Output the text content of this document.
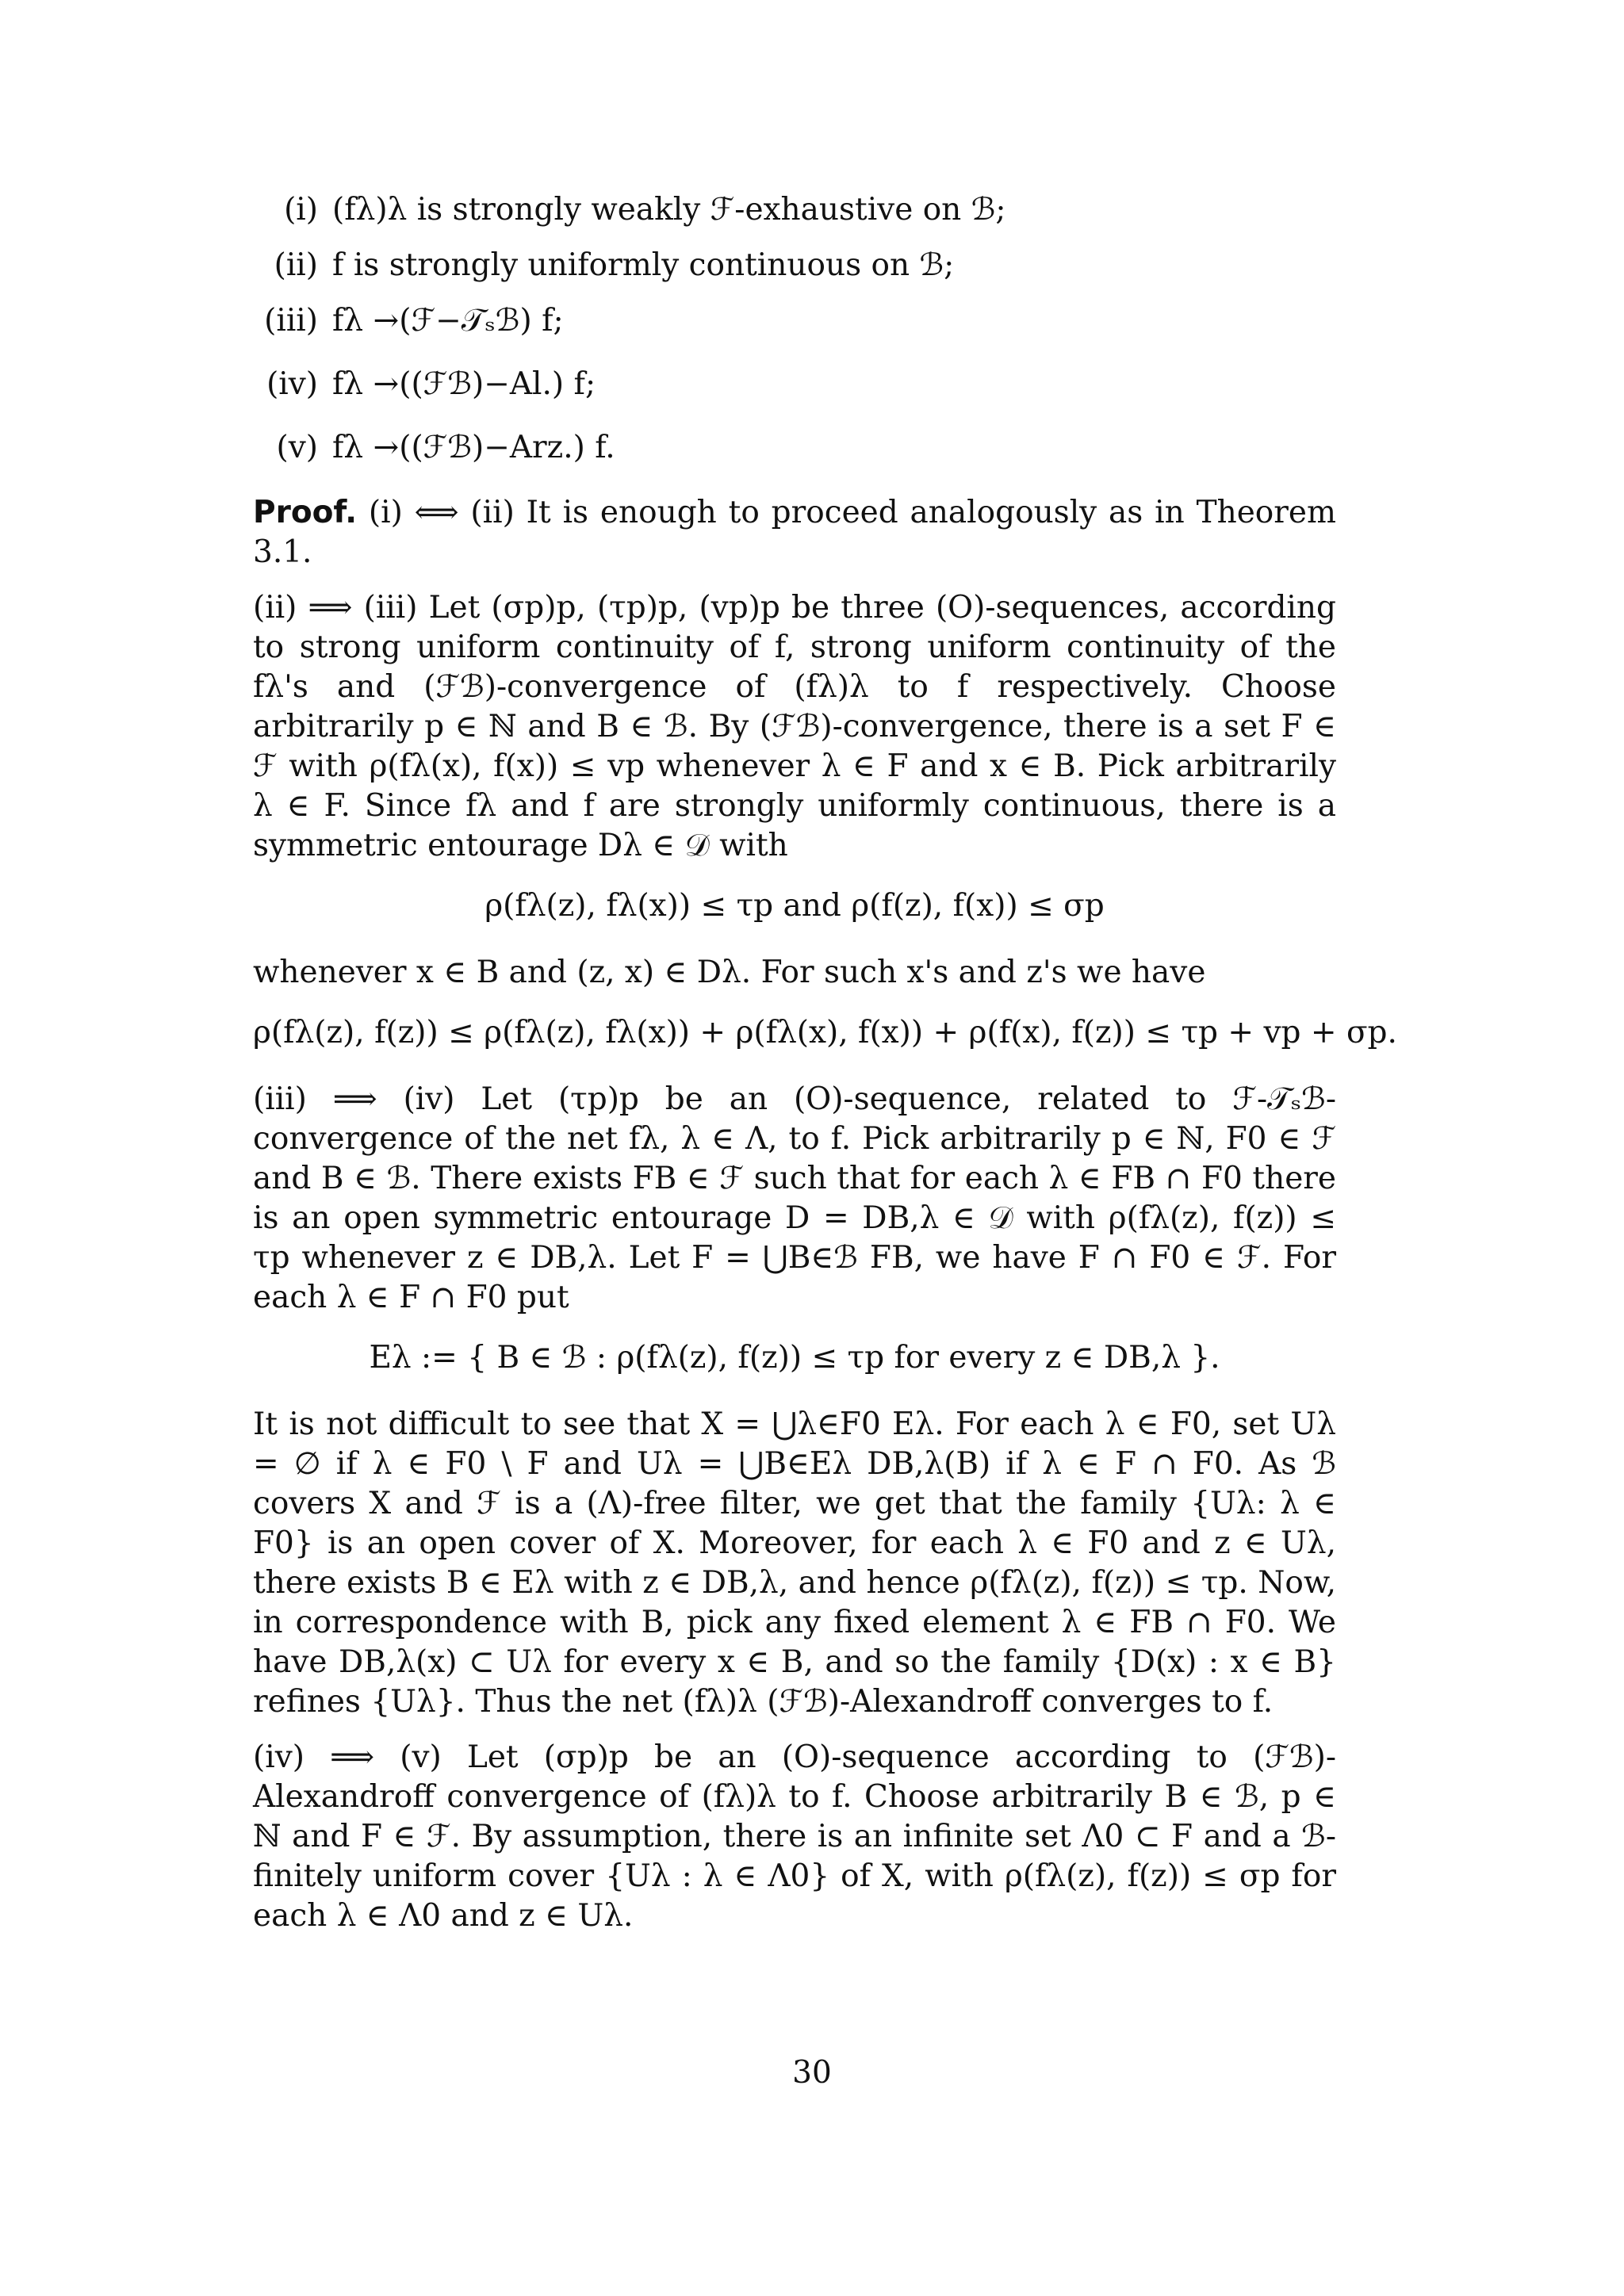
(i) (fλ)λ is strongly weakly ℱ-exhaustive on ℬ;
(ii) f is strongly uniformly continuous on ℬ;
(iii) fλ →(ℱ−𝒯ₛℬ) f;
(iv) fλ →((ℱℬ)−Al.) f;
(v) fλ →((ℱℬ)−Arz.) f.

Proof. (i) ⟺ (ii) It is enough to proceed analogously as in Theorem 3.1.

(ii) ⟹ (iii) Let (σp)p, (τp)p, (vp)p be three (O)-sequences, according to strong uniform continuity of f, strong uniform continuity of the fλ's and (ℱℬ)-convergence of (fλ)λ to f respectively. Choose arbitrarily p ∈ ℕ and B ∈ ℬ. By (ℱℬ)-convergence, there is a set F ∈ ℱ with ρ(fλ(x), f(x)) ≤ vp whenever λ ∈ F and x ∈ B. Pick arbitrarily λ ∈ F. Since fλ and f are strongly uniformly continuous, there is a symmetric entourage Dλ ∈ 𝒟 with

ρ(fλ(z), fλ(x)) ≤ τp and ρ(f(z), f(x)) ≤ σp

whenever x ∈ B and (z, x) ∈ Dλ. For such x's and z's we have

ρ(fλ(z), f(z)) ≤ ρ(fλ(z), fλ(x)) + ρ(fλ(x), f(x)) + ρ(f(x), f(z)) ≤ τp + vp + σp.

(iii) ⟹ (iv) Let (τp)p be an (O)-sequence, related to ℱ-𝒯ₛℬ-convergence of the net fλ, λ ∈ Λ, to f. Pick arbitrarily p ∈ ℕ, F0 ∈ ℱ and B ∈ ℬ. There exists FB ∈ ℱ such that for each λ ∈ FB ∩ F0 there is an open symmetric entourage D = DB,λ ∈ 𝒟 with ρ(fλ(z), f(z)) ≤ τp whenever z ∈ DB,λ. Let F = ⋃B∈ℬ FB, we have F ∩ F0 ∈ ℱ. For each λ ∈ F ∩ F0 put

Eλ := { B ∈ ℬ : ρ(fλ(z), f(z)) ≤ τp for every z ∈ DB,λ }.

It is not difficult to see that X = ⋃λ∈F0 Eλ. For each λ ∈ F0, set Uλ = ∅ if λ ∈ F0 \ F and Uλ = ⋃B∈Eλ DB,λ(B) if λ ∈ F ∩ F0. As ℬ covers X and ℱ is a (Λ)-free filter, we get that the family {Uλ: λ ∈ F0} is an open cover of X. Moreover, for each λ ∈ F0 and z ∈ Uλ, there exists B ∈ Eλ with z ∈ DB,λ, and hence ρ(fλ(z), f(z)) ≤ τp. Now, in correspondence with B, pick any fixed element λ ∈ FB ∩ F0. We have DB,λ(x) ⊂ Uλ for every x ∈ B, and so the family {D(x) : x ∈ B} refines {Uλ}. Thus the net (fλ)λ (ℱℬ)-Alexandroff converges to f.

(iv) ⟹ (v) Let (σp)p be an (O)-sequence according to (ℱℬ)-Alexandroff convergence of (fλ)λ to f. Choose arbitrarily B ∈ ℬ, p ∈ ℕ and F ∈ ℱ. By assumption, there is an infinite set Λ0 ⊂ F and a ℬ-finitely uniform cover {Uλ : λ ∈ Λ0} of X, with ρ(fλ(z), f(z)) ≤ σp for each λ ∈ Λ0 and z ∈ Uλ.

30
